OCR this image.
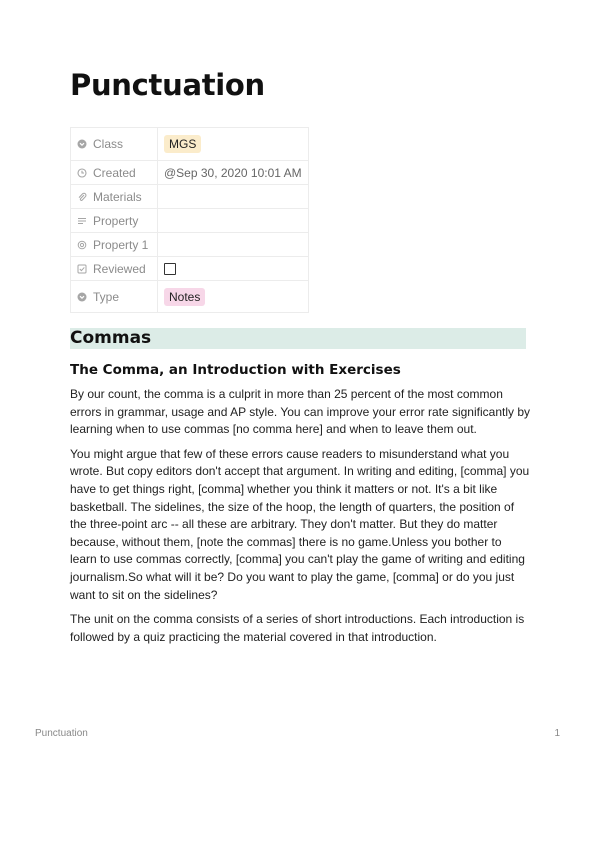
Punctuation
Class	MGS

Created	@Sep 30, 2020 10:01 AM

Materials	

Property	

Property 1	

Reviewed	

Type	Notes
Commas
The Comma, an Introduction with Exercises

By our count, the comma is a culprit in more than 25 percent of the most common errors in grammar, usage and AP style. You can improve your error rate significantly by learning when to use commas [no comma here] and when to leave them out.

You might argue that few of these errors cause readers to misunderstand what you wrote. But copy editors don't accept that argument. In writing and editing, [comma] you have to get things right, [comma] whether you think it matters or not. It's a bit like basketball. The sidelines, the size of the hoop, the length of quarters, the position of the three-point arc -- all these are arbitrary. They don't matter. But they do matter because, without them, [note the commas] there is no game.Unless you bother to learn to use commas correctly, [comma] you can't play the game of writing and editing journalism.So what will it be? Do you want to play the game, [comma] or do you just want to sit on the sidelines?

The unit on the comma consists of a series of short introductions. Each introduction is followed by a quiz practicing the material covered in that introduction.

Punctuation	1
